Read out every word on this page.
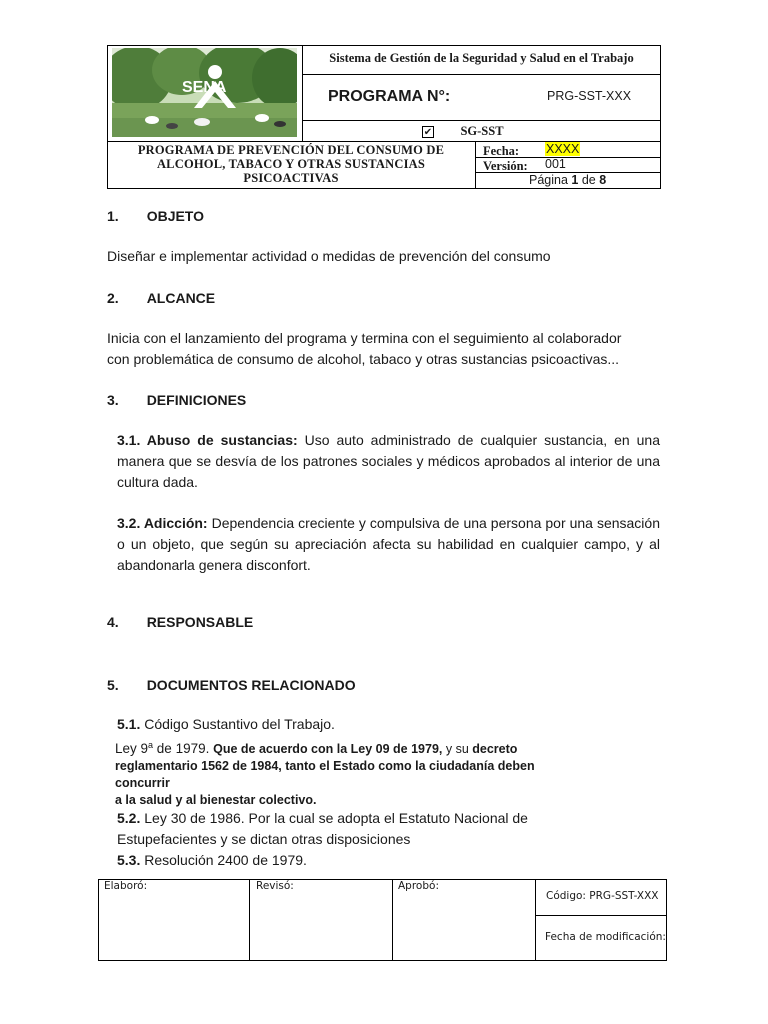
SENA
Sistema de Gestión de la Seguridad y Salud en el Trabajo
PROGRAMA N°:	PRG-SST-XXX
✔ SG-SST
PROGRAMA DE PREVENCIÓN DEL CONSUMO DE
ALCOHOL, TABACO Y OTRAS SUSTANCIAS
PSICOACTIVAS
Fecha: XXXX
Versión: 001
Página 1 de 8
1. OBJETO
Diseñar e implementar actividad o medidas de prevención del consumo
2. ALCANCE
Inicia con el lanzamiento del programa y termina con el seguimiento al colaborador
con problemática de consumo de alcohol, tabaco y otras sustancias psicoactivas...
3. DEFINICIONES
3.1. Abuso de sustancias: Uso auto administrado de cualquier sustancia, en una manera que se desvía de los patrones sociales y médicos aprobados al interior de una cultura dada.
3.2. Adicción: Dependencia creciente y compulsiva de una persona por una sensación o un objeto, que según su apreciación afecta su habilidad en cualquier campo, y al abandonarla genera disconfort.
4. RESPONSABLE
5. DOCUMENTOS RELACIONADO
5.1. Código Sustantivo del Trabajo.
Ley 9$^a$ de 1979. Que de acuerdo con la Ley 09 de 1979, y su decreto
reglamentario 1562 de 1984, tanto el Estado como la ciudadanía deben concurrir
a la salud y al bienestar colectivo.
5.2. Ley 30 de 1986. Por la cual se adopta el Estatuto Nacional de
Estupefacientes y se dictan otras disposiciones
5.3. Resolución 2400 de 1979.
Elaboró:	Revisó:	Aprobó:
Código: PRG-SST-XXX
Fecha de modificación:
